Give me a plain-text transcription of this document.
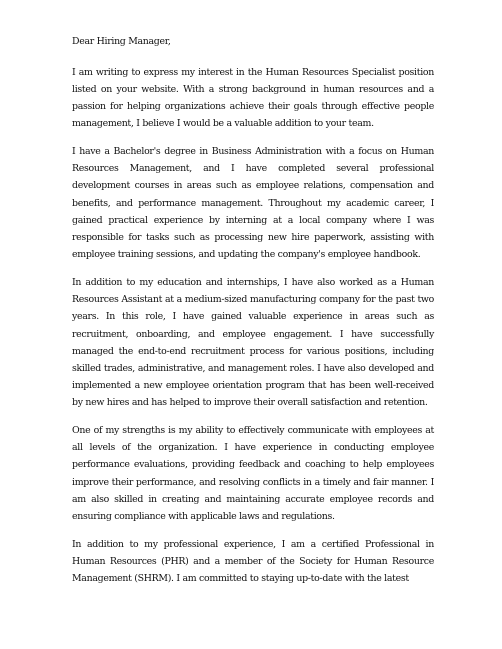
Dear Hiring Manager,

I am writing to express my interest in the Human Resources Specialist position listed on your website. With a strong background in human resources and a passion for helping organizations achieve their goals through effective people management, I believe I would be a valuable addition to your team.

I have a Bachelor's degree in Business Administration with a focus on Human Resources Management, and I have completed several professional development courses in areas such as employee relations, compensation and benefits, and performance management. Throughout my academic career, I gained practical experience by interning at a local company where I was responsible for tasks such as processing new hire paperwork, assisting with employee training sessions, and updating the company's employee handbook.

In addition to my education and internships, I have also worked as a Human Resources Assistant at a medium-sized manufacturing company for the past two years. In this role, I have gained valuable experience in areas such as recruitment, onboarding, and employee engagement. I have successfully managed the end-to-end recruitment process for various positions, including skilled trades, administrative, and management roles. I have also developed and implemented a new employee orientation program that has been well-received by new hires and has helped to improve their overall satisfaction and retention.

One of my strengths is my ability to effectively communicate with employees at all levels of the organization. I have experience in conducting employee performance evaluations, providing feedback and coaching to help employees improve their performance, and resolving conflicts in a timely and fair manner. I am also skilled in creating and maintaining accurate employee records and ensuring compliance with applicable laws and regulations.

In addition to my professional experience, I am a certified Professional in Human Resources (PHR) and a member of the Society for Human Resource Management (SHRM). I am committed to staying up-to-date with the latest
